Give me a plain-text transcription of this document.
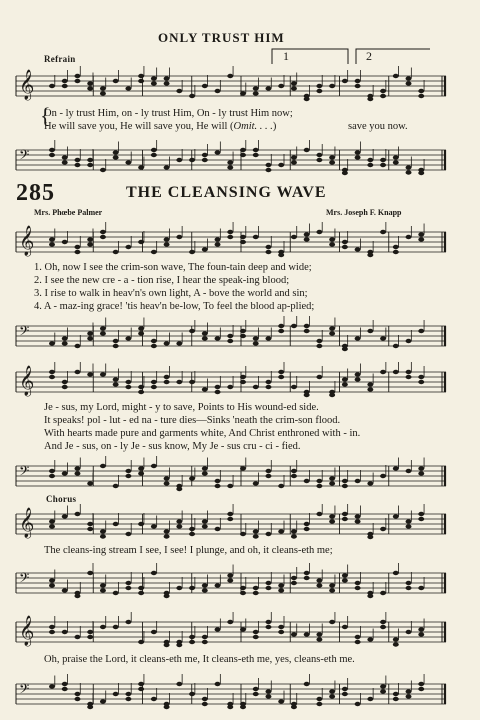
ONLY TRUST HIM
Refrain	1	2
𝄞
On - ly trust Him, on - ly trust Him, On - ly trust Him now;
{
He will save you, He will save you, He will (Omit. . . .)	save you now.
𝄢
285	THE CLEANSING WAVE
Mrs. Phœbe Palmer	Mrs. Joseph F. Knapp
𝄞
1. Oh, now I see the crim-son wave, The foun-tain deep and wide;
2. I see the new cre - a - tion rise, I hear the speak-ing blood;
3. I rise to walk in heav'n's own light, A - bove the world and sin;
4. A - maz-ing grace! 'tis heav'n be-low, To feel the blood ap-plied;
𝄢
𝄞
Je - sus, my Lord, might - y to save, Points to His wound-ed side.
It speaks! pol - lut - ed na - ture dies—Sinks 'neath the crim-son flood.
With hearts made pure and garments white, And Christ enthroned with - in.
And Je - sus, on - ly Je - sus know, My Je - sus cru - ci - fied.
𝄢
Chorus
𝄞
The cleans-ing stream I see, I see! I plunge, and oh, it cleans-eth me;
𝄢
𝄞
Oh, praise the Lord, it cleans-eth me, It cleans-eth me, yes, cleans-eth me.
𝄢
